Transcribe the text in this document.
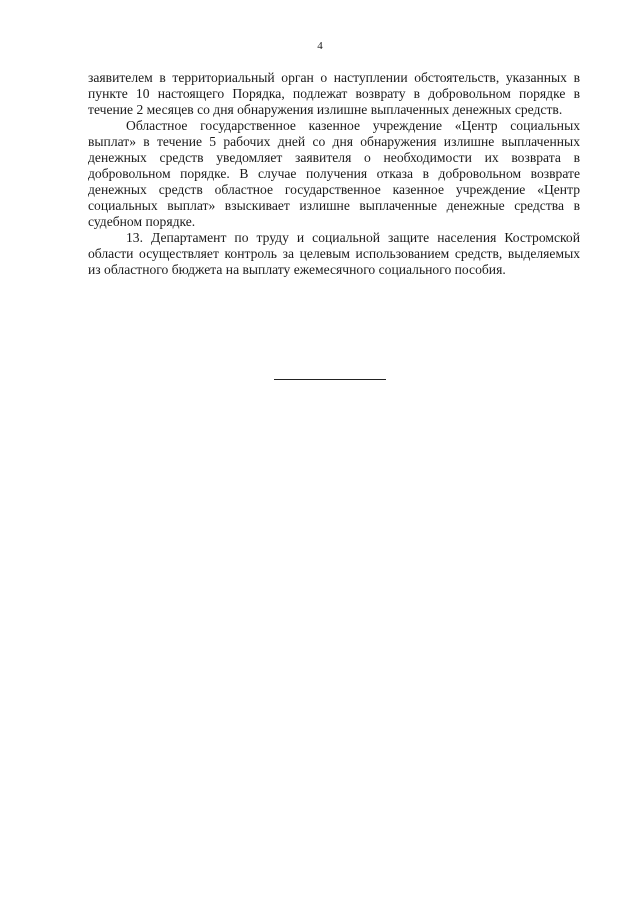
4

заявителем в территориальный орган о наступлении обстоятельств, указанных в пункте 10 настоящего Порядка, подлежат возврату в добровольном порядке в течение 2 месяцев со дня обнаружения излишне выплаченных денежных средств.

Областное государственное казенное учреждение «Центр социальных выплат» в течение 5 рабочих дней со дня обнаружения излишне выплаченных денежных средств уведомляет заявителя о необходимости их возврата в добровольном порядке. В случае получения отказа в добровольном возврате денежных средств областное государственное казенное учреждение «Центр социальных выплат» взыскивает излишне выплаченные денежные средства в судебном порядке.

13. Департамент по труду и социальной защите населения Костромской области осуществляет контроль за целевым использованием средств, выделяемых из областного бюджета на выплату ежемесячного социального пособия.
